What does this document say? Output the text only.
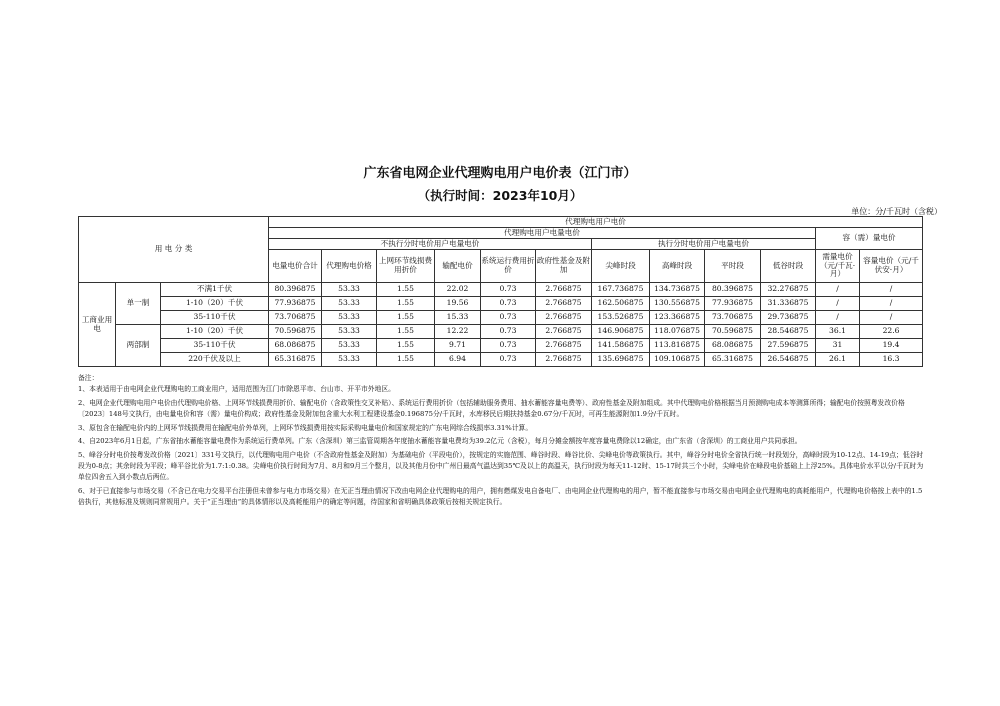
广东省电网企业代理购电用户电价表（江门市）
（执行时间：2023年10月）
单位：分/千瓦时（含税）
用 电 分 类			代理购电用户电价											
			代理购电用户电量电价										容（需）量电价	
			不执行分时电价用户电量电价						执行分时电价用户电量电价					
			电量电价合计	代理购电价格	上网环节线损费用折价	输配电价	系统运行费用折价	政府性基金及附加	尖峰时段	高峰时段	平时段	低谷时段	需量电价（元/千瓦·月）	容量电价（元/千伏安·月）
工商业用电	单一制	不满1千伏	80.396875	53.33	1.55	22.02	0.73	2.766875	167.736875	134.736875	80.396875	32.276875	/	/
		1-10（20）千伏	77.936875	53.33	1.55	19.56	0.73	2.766875	162.506875	130.556875	77.936875	31.336875	/	/
		35-110千伏	73.706875	53.33	1.55	15.33	0.73	2.766875	153.526875	123.366875	73.706875	29.736875	/	/
	两部制	1-10（20）千伏	70.596875	53.33	1.55	12.22	0.73	2.766875	146.906875	118.076875	70.596875	28.546875	36.1	22.6
		35-110千伏	68.086875	53.33	1.55	9.71	0.73	2.766875	141.586875	113.816875	68.086875	27.596875	31	19.4
		220千伏及以上	65.316875	53.33	1.55	6.94	0.73	2.766875	135.696875	109.106875	65.316875	26.546875	26.1	16.3

备注：

1、本表适用于由电网企业代理购电的工商业用户，适用范围为江门市除恩平市、台山市、开平市外地区。

2、电网企业代理购电用户电价由代理购电价格、上网环节线损费用折价、输配电价（含政策性交叉补贴）、系统运行费用折价（包括辅助服务费用、抽水蓄能容量电费等）、政府性基金及附加组成。其中代理购电价格根据当月预测购电成本等测算所得；输配电价按照粤发改价格〔2023〕148号文执行，由电量电价和容（需）量电价构成；政府性基金及附加包含重大水利工程建设基金0.196875分/千瓦时，水库移民后期扶持基金0.67分/千瓦时，可再生能源附加1.9分/千瓦时。

3、原包含在输配电价内的上网环节线损费用在输配电价外单列，上网环节线损费用按实际采购电量电价和国家规定的广东电网综合线损率3.31%计算。

4、自2023年6月1日起，广东省抽水蓄能容量电费作为系统运行费单列。广东（含深圳）第三监管周期各年度抽水蓄能容量电费均为39.2亿元（含税），每月分摊金额按年度容量电费除以12确定，由广东省（含深圳）的工商业用户共同承担。

5、峰谷分时电价按粤发改价格〔2021〕331号文执行，以代理购电用户电价（不含政府性基金及附加）为基础电价（平段电价），按规定的实施范围、峰谷时段、峰谷比价、尖峰电价等政策执行。其中，峰谷分时电价全省执行统一时段划分，高峰时段为10-12点、14-19点；低谷时段为0-8点；其余时段为平段；峰平谷比价为1.7:1:0.38。尖峰电价执行时间为7月、8月和9月三个整月，以及其他月份中广州日最高气温达到35℃及以上的高温天，执行时段为每天11-12时、15-17时共三个小时，尖峰电价在峰段电价基础上上浮25%。具体电价水平以分/千瓦时为单位四舍五入到小数点后两位。

6、对于已直接参与市场交易（不含已在电力交易平台注册但未曾参与电力市场交易）在无正当理由情况下改由电网企业代理购电的用户，拥有燃煤发电自备电厂、由电网企业代理购电的用户，暂不能直接参与市场交易由电网企业代理购电的高耗能用户，代理购电价格按上表中的1.5倍执行，其他标准及规则同常规用户。关于“正当理由”的具体情形以及高耗能用户的确定等问题，待国家和省明确具体政策后按相关规定执行。
